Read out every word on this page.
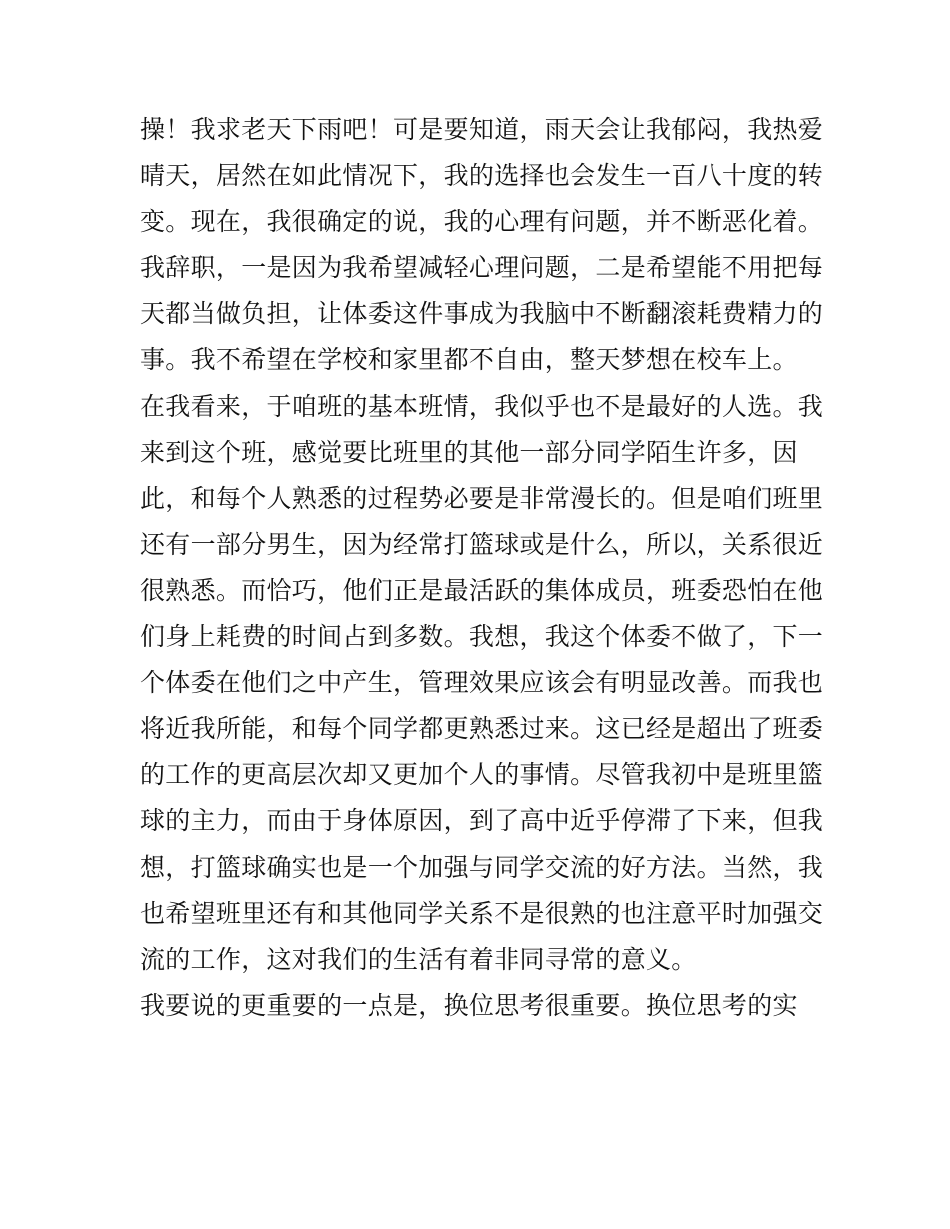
操！我求老天下雨吧！可是要知道，雨天会让我郁闷，我热爱
晴天，居然在如此情况下，我的选择也会发生一百八十度的转
变。现在，我很确定的说，我的心理有问题，并不断恶化着。
我辞职，一是因为我希望减轻心理问题，二是希望能不用把每
天都当做负担，让体委这件事成为我脑中不断翻滚耗费精力的
事。我不希望在学校和家里都不自由，整天梦想在校车上。
在我看来，于咱班的基本班情，我似乎也不是最好的人选。我
来到这个班，感觉要比班里的其他一部分同学陌生许多，因
此，和每个人熟悉的过程势必要是非常漫长的。但是咱们班里
还有一部分男生，因为经常打篮球或是什么，所以，关系很近
很熟悉。而恰巧，他们正是最活跃的集体成员，班委恐怕在他
们身上耗费的时间占到多数。我想，我这个体委不做了，下一
个体委在他们之中产生，管理效果应该会有明显改善。而我也
将近我所能，和每个同学都更熟悉过来。这已经是超出了班委
的工作的更高层次却又更加个人的事情。尽管我初中是班里篮
球的主力，而由于身体原因，到了高中近乎停滞了下来，但我
想，打篮球确实也是一个加强与同学交流的好方法。当然，我
也希望班里还有和其他同学关系不是很熟的也注意平时加强交
流的工作，这对我们的生活有着非同寻常的意义。
我要说的更重要的一点是，换位思考很重要。换位思考的实
